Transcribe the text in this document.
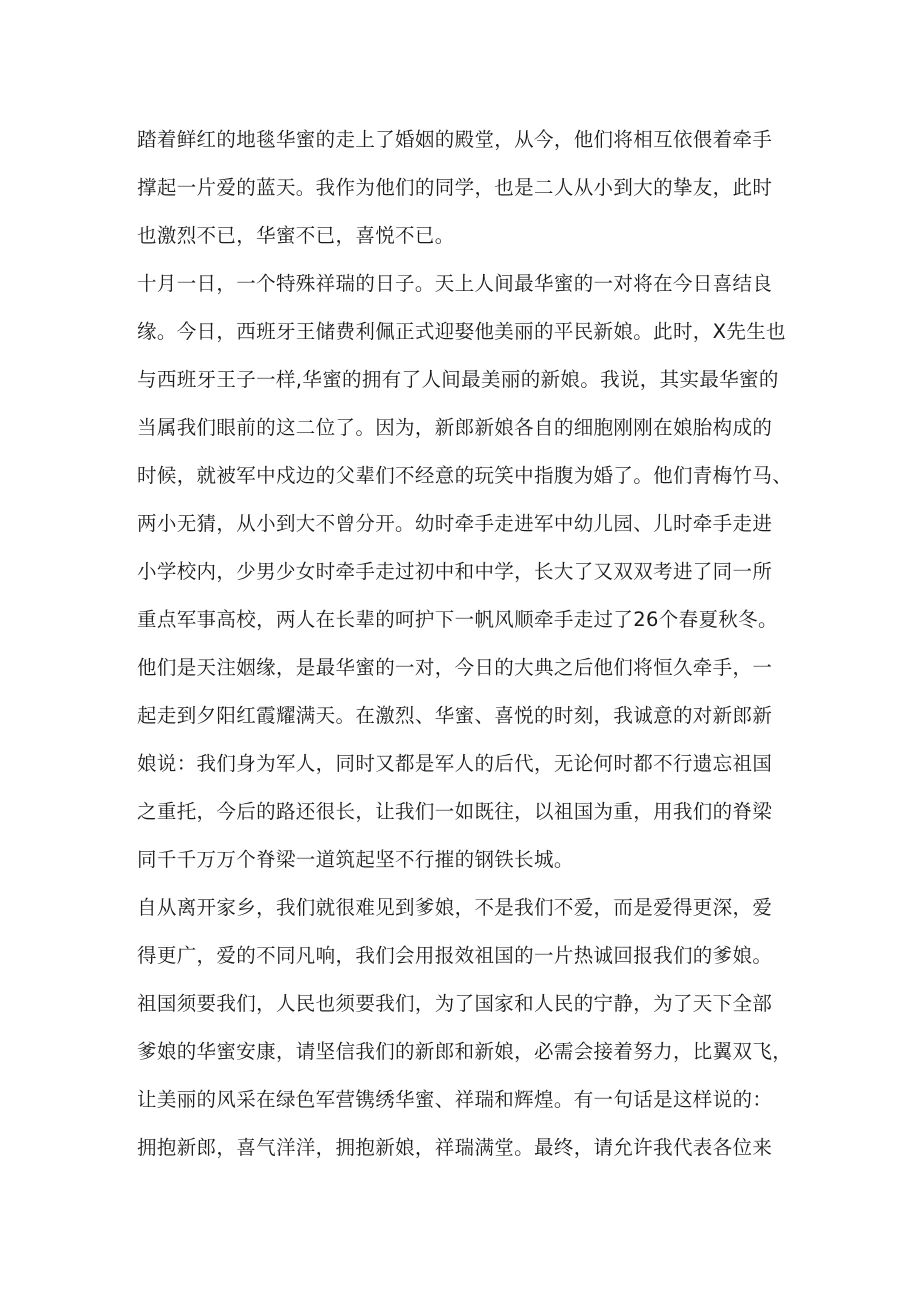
踏着鲜红的地毯华蜜的走上了婚姻的殿堂，从今，他们将相互依偎着牵手
撑起一片爱的蓝天。我作为他们的同学，也是二人从小到大的挚友，此时
也激烈不已，华蜜不已，喜悦不已。
十月一日，一个特殊祥瑞的日子。天上人间最华蜜的一对将在今日喜结良
缘。今日，西班牙王储费利佩正式迎娶他美丽的平民新娘。此时，X先生也
与西班牙王子一样,华蜜的拥有了人间最美丽的新娘。我说，其实最华蜜的
当属我们眼前的这二位了。因为，新郎新娘各自的细胞刚刚在娘胎构成的
时候，就被军中戍边的父辈们不经意的玩笑中指腹为婚了。他们青梅竹马、
两小无猜，从小到大不曾分开。幼时牵手走进军中幼儿园、儿时牵手走进
小学校内，少男少女时牵手走过初中和中学，长大了又双双考进了同一所
重点军事高校，两人在长辈的呵护下一帆风顺牵手走过了26个春夏秋冬。
他们是天注姻缘，是最华蜜的一对，今日的大典之后他们将恒久牵手，一
起走到夕阳红霞耀满天。在激烈、华蜜、喜悦的时刻，我诚意的对新郎新
娘说：我们身为军人，同时又都是军人的后代，无论何时都不行遗忘祖国
之重托，今后的路还很长，让我们一如既往，以祖国为重，用我们的脊梁
同千千万万个脊梁一道筑起坚不行摧的钢铁长城。
自从离开家乡，我们就很难见到爹娘，不是我们不爱，而是爱得更深，爱
得更广，爱的不同凡响，我们会用报效祖国的一片热诚回报我们的爹娘。
祖国须要我们，人民也须要我们，为了国家和人民的宁静，为了天下全部
爹娘的华蜜安康，请坚信我们的新郎和新娘，必需会接着努力，比翼双飞，
让美丽的风采在绿色军营镌绣华蜜、祥瑞和辉煌。有一句话是这样说的：
拥抱新郎，喜气洋洋，拥抱新娘，祥瑞满堂。最终，请允许我代表各位来
